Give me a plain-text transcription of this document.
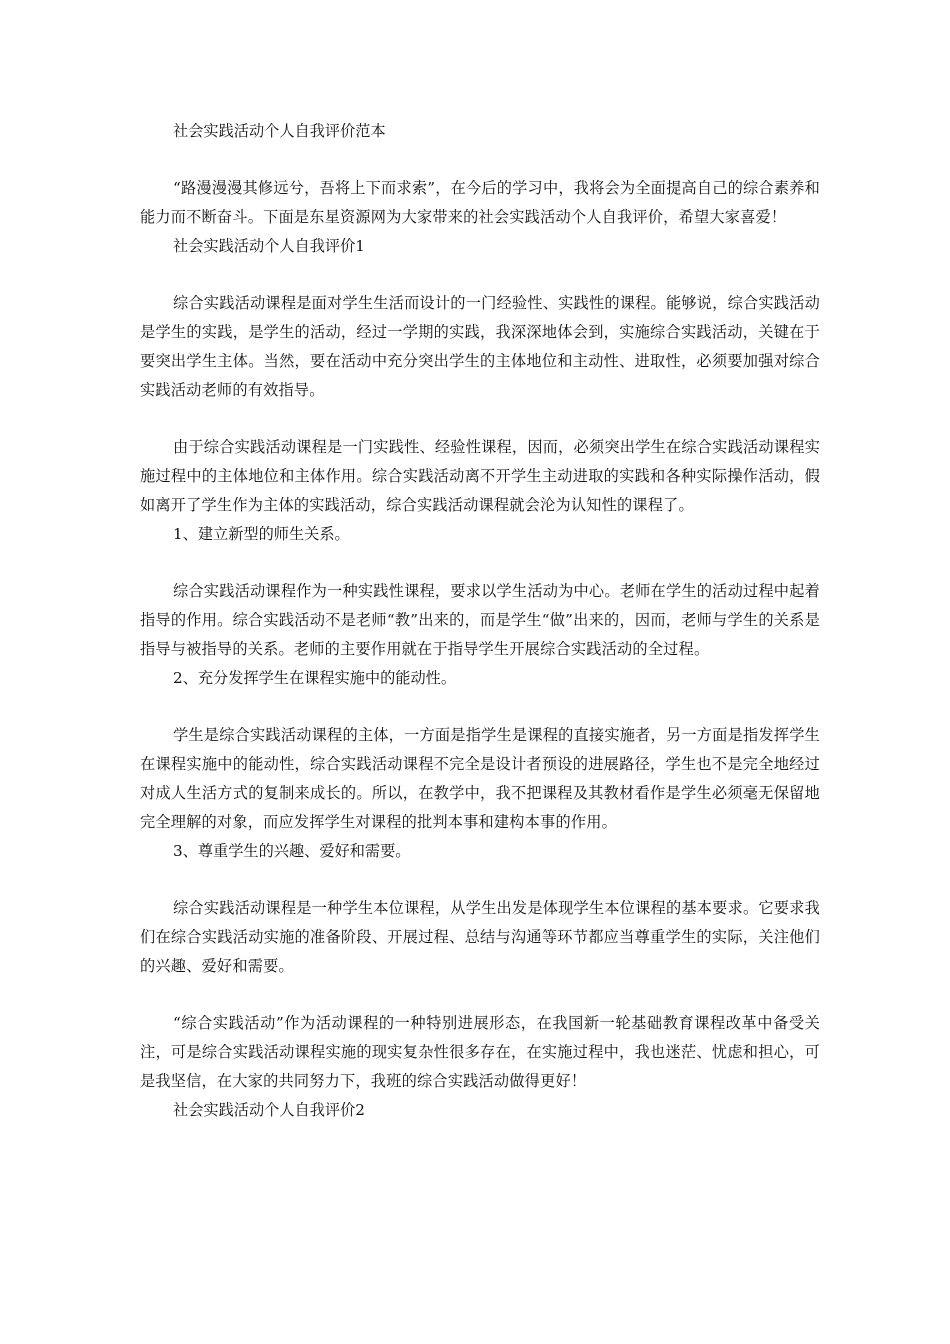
社会实践活动个人自我评价范本

“路漫漫漫其修远兮，吾将上下而求索”，在今后的学习中，我将会为全面提高自己的综合素养和能力而不断奋斗。下面是东星资源网为大家带来的社会实践活动个人自我评价，希望大家喜爱！

社会实践活动个人自我评价1

综合实践活动课程是面对学生生活而设计的一门经验性、实践性的课程。能够说，综合实践活动是学生的实践，是学生的活动，经过一学期的实践，我深深地体会到，实施综合实践活动，关键在于要突出学生主体。当然，要在活动中充分突出学生的主体地位和主动性、进取性，必须要加强对综合实践活动老师的有效指导。

由于综合实践活动课程是一门实践性、经验性课程，因而，必须突出学生在综合实践活动课程实施过程中的主体地位和主体作用。综合实践活动离不开学生主动进取的实践和各种实际操作活动，假如离开了学生作为主体的实践活动，综合实践活动课程就会沦为认知性的课程了。

1、建立新型的师生关系。

综合实践活动课程作为一种实践性课程，要求以学生活动为中心。老师在学生的活动过程中起着指导的作用。综合实践活动不是老师“教”出来的，而是学生“做”出来的，因而，老师与学生的关系是指导与被指导的关系。老师的主要作用就在于指导学生开展综合实践活动的全过程。

2、充分发挥学生在课程实施中的能动性。

学生是综合实践活动课程的主体，一方面是指学生是课程的直接实施者，另一方面是指发挥学生在课程实施中的能动性，综合实践活动课程不完全是设计者预设的进展路径，学生也不是完全地经过对成人生活方式的复制来成长的。所以，在教学中，我不把课程及其教材看作是学生必须毫无保留地完全理解的对象，而应发挥学生对课程的批判本事和建构本事的作用。

3、尊重学生的兴趣、爱好和需要。

综合实践活动课程是一种学生本位课程，从学生出发是体现学生本位课程的基本要求。它要求我们在综合实践活动实施的准备阶段、开展过程、总结与沟通等环节都应当尊重学生的实际，关注他们的兴趣、爱好和需要。

“综合实践活动”作为活动课程的一种特别进展形态，在我国新一轮基础教育课程改革中备受关注，可是综合实践活动课程实施的现实复杂性很多存在，在实施过程中，我也迷茫、忧虑和担心，可是我坚信，在大家的共同努力下，我班的综合实践活动做得更好！

社会实践活动个人自我评价2
